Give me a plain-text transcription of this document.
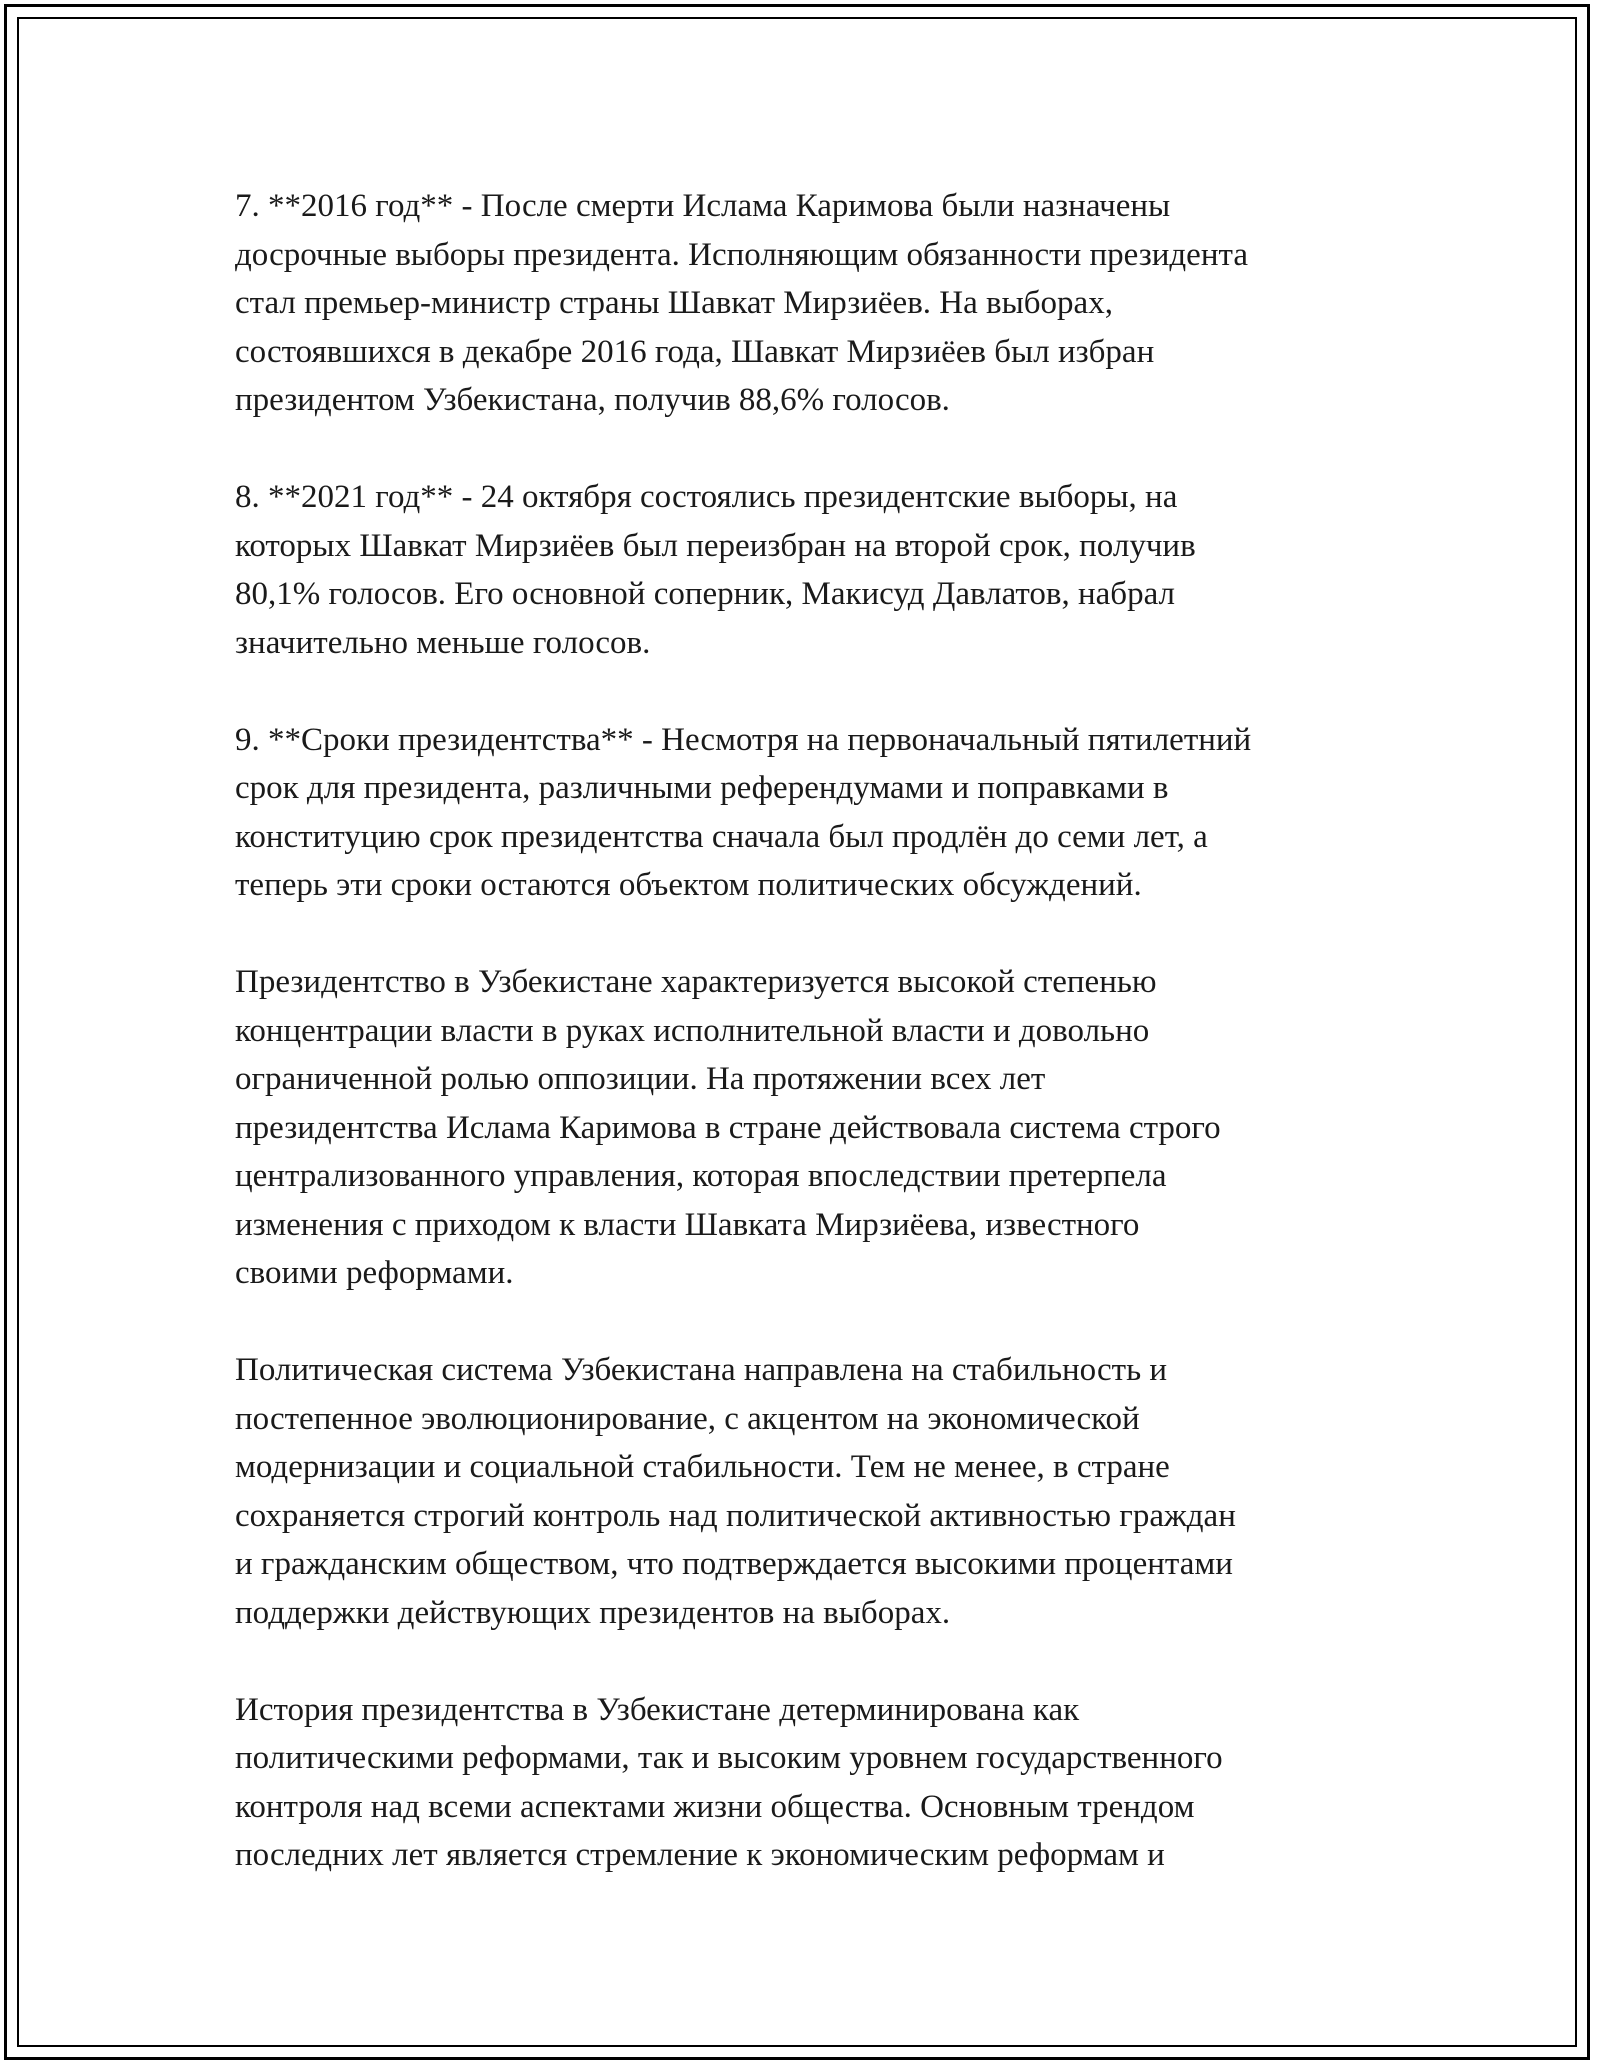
7. **2016 год** - После смерти Ислама Каримова были назначены
досрочные выборы президента. Исполняющим обязанности президента
стал премьер-министр страны Шавкат Мирзиёев. На выборах,
состоявшихся в декабре 2016 года, Шавкат Мирзиёев был избран
президентом Узбекистана, получив 88,6% голосов.

8. **2021 год** - 24 октября состоялись президентские выборы, на
которых Шавкат Мирзиёев был переизбран на второй срок, получив
80,1% голосов. Его основной соперник, Макисуд Давлатов, набрал
значительно меньше голосов.

9. **Сроки президентства** - Несмотря на первоначальный пятилетний
срок для президента, различными референдумами и поправками в
конституцию срок президентства сначала был продлён до семи лет, а
теперь эти сроки остаются объектом политических обсуждений.

Президентство в Узбекистане характеризуется высокой степенью
концентрации власти в руках исполнительной власти и довольно
ограниченной ролью оппозиции. На протяжении всех лет
президентства Ислама Каримова в стране действовала система строго
централизованного управления, которая впоследствии претерпела
изменения с приходом к власти Шавката Мирзиёева, известного
своими реформами.

Политическая система Узбекистана направлена на стабильность и
постепенное эволюционирование, с акцентом на экономической
модернизации и социальной стабильности. Тем не менее, в стране
сохраняется строгий контроль над политической активностью граждан
и гражданским обществом, что подтверждается высокими процентами
поддержки действующих президентов на выборах.

История президентства в Узбекистане детерминирована как
политическими реформами, так и высоким уровнем государственного
контроля над всеми аспектами жизни общества. Основным трендом
последних лет является стремление к экономическим реформам и
